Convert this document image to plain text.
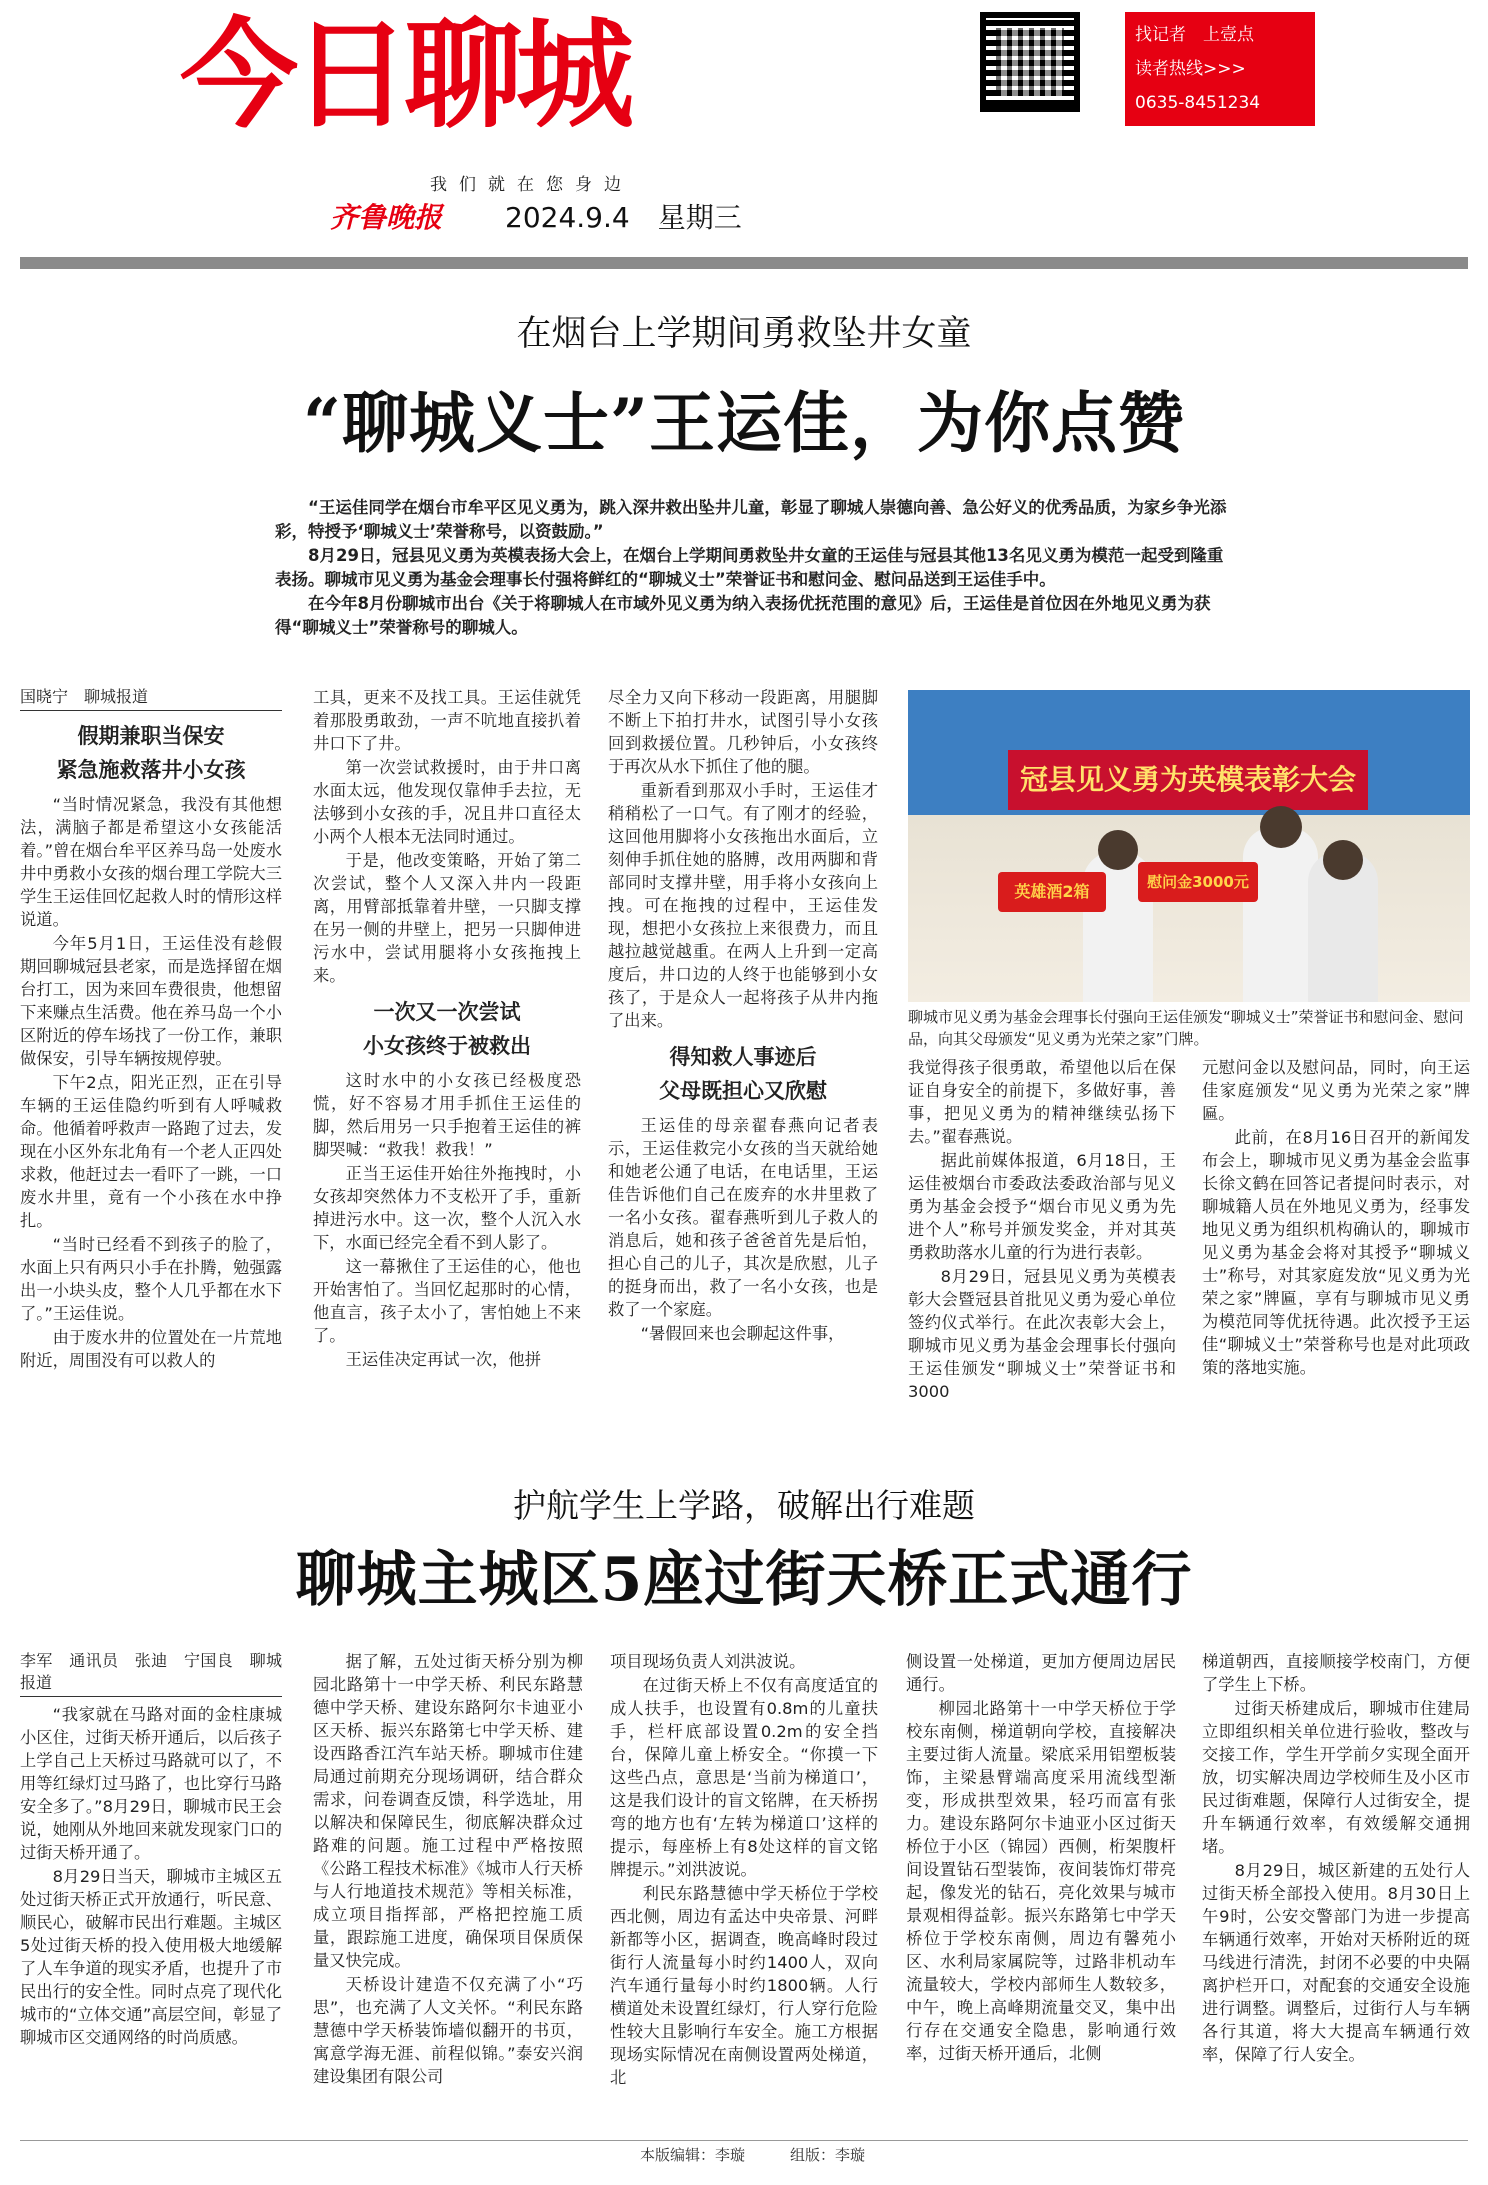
今日聊城	找记者　上壹点
读者热线>>>
0635-8451234
我们就在您身边
齐鲁晚报 2024.9.4　星期三
在烟台上学期间勇救坠井女童
“聊城义士”王运佳，为你点赞

“王运佳同学在烟台市牟平区见义勇为，跳入深井救出坠井儿童，彰显了聊城人崇德向善、急公好义的优秀品质，为家乡争光添彩，特授予‘聊城义士’荣誉称号，以资鼓励。”

8月29日，冠县见义勇为英模表扬大会上，在烟台上学期间勇救坠井女童的王运佳与冠县其他13名见义勇为模范一起受到隆重表扬。聊城市见义勇为基金会理事长付强将鲜红的“聊城义士”荣誉证书和慰问金、慰问品送到王运佳手中。

在今年8月份聊城市出台《关于将聊城人在市域外见义勇为纳入表扬优抚范围的意见》后，王运佳是首位因在外地见义勇为获得“聊城义士”荣誉称号的聊城人。

国晓宁　聊城报道
假期兼职当保安
紧急施救落井小女孩

“当时情况紧急，我没有其他想法，满脑子都是希望这小女孩能活着。”曾在烟台牟平区养马岛一处废水井中勇救小女孩的烟台理工学院大三学生王运佳回忆起救人时的情形这样说道。

今年5月1日，王运佳没有趁假期回聊城冠县老家，而是选择留在烟台打工，因为来回车费很贵，他想留下来赚点生活费。他在养马岛一个小区附近的停车场找了一份工作，兼职做保安，引导车辆按规停驶。

下午2点，阳光正烈，正在引导车辆的王运佳隐约听到有人呼喊救命。他循着呼救声一路跑了过去，发现在小区外东北角有一个老人正四处求救，他赶过去一看吓了一跳，一口废水井里，竟有一个小孩在水中挣扎。

“当时已经看不到孩子的脸了，水面上只有两只小手在扑腾，勉强露出一小块头皮，整个人几乎都在水下了。”王运佳说。

由于废水井的位置处在一片荒地附近，周围没有可以救人的

工具，更来不及找工具。王运佳就凭着那股勇敢劲，一声不吭地直接扒着井口下了井。

第一次尝试救援时，由于井口离水面太远，他发现仅靠伸手去拉，无法够到小女孩的手，况且井口直径太小两个人根本无法同时通过。

于是，他改变策略，开始了第二次尝试，整个人又深入井内一段距离，用臂部抵靠着井壁，一只脚支撑在另一侧的井壁上，把另一只脚伸进污水中，尝试用腿将小女孩拖拽上来。

一次又一次尝试
小女孩终于被救出

这时水中的小女孩已经极度恐慌，好不容易才用手抓住王运佳的脚，然后用另一只手抱着王运佳的裤脚哭喊：“救我！救我！”

正当王运佳开始往外拖拽时，小女孩却突然体力不支松开了手，重新掉进污水中。这一次，整个人沉入水下，水面已经完全看不到人影了。

这一幕揪住了王运佳的心，他也开始害怕了。当回忆起那时的心情，他直言，孩子太小了，害怕她上不来了。

王运佳决定再试一次，他拼

尽全力又向下移动一段距离，用腿脚不断上下拍打井水，试图引导小女孩回到救援位置。几秒钟后，小女孩终于再次从水下抓住了他的腿。

重新看到那双小手时，王运佳才稍稍松了一口气。有了刚才的经验，这回他用脚将小女孩拖出水面后，立刻伸手抓住她的胳膊，改用两脚和背部同时支撑井壁，用手将小女孩向上拽。可在拖拽的过程中，王运佳发现，想把小女孩拉上来很费力，而且越拉越觉越重。在两人上升到一定高度后，井口边的人终于也能够到小女孩了，于是众人一起将孩子从井内拖了出来。

得知救人事迹后
父母既担心又欣慰

王运佳的母亲翟春燕向记者表示，王运佳救完小女孩的当天就给她和她老公通了电话，在电话里，王运佳告诉他们自己在废弃的水井里救了一名小女孩。翟春燕听到儿子救人的消息后，她和孩子爸爸首先是后怕，担心自己的儿子，其次是欣慰，儿子的挺身而出，救了一名小女孩，也是救了一个家庭。

“暑假回来也会聊起这件事，

冠县见义勇为英模表彰大会
英雄酒2箱	慰问金3000元
聊城市见义勇为基金会理事长付强向王运佳颁发“聊城义士”荣誉证书和慰问金、慰问品，向其父母颁发“见义勇为光荣之家”门牌。

我觉得孩子很勇敢，希望他以后在保证自身安全的前提下，多做好事，善事，把见义勇为的精神继续弘扬下去。”翟春燕说。

据此前媒体报道，6月18日，王运佳被烟台市委政法委政治部与见义勇为基金会授予“烟台市见义勇为先进个人”称号并颁发奖金，并对其英勇救助落水儿童的行为进行表彰。

8月29日，冠县见义勇为英模表彰大会暨冠县首批见义勇为爱心单位签约仪式举行。在此次表彰大会上，聊城市见义勇为基金会理事长付强向王运佳颁发“聊城义士”荣誉证书和3000

元慰问金以及慰问品，同时，向王运佳家庭颁发“见义勇为光荣之家”牌匾。

此前，在8月16日召开的新闻发布会上，聊城市见义勇为基金会监事长徐文鹤在回答记者提问时表示，对聊城籍人员在外地见义勇为，经事发地见义勇为组织机构确认的，聊城市见义勇为基金会将对其授予“聊城义士”称号，对其家庭发放“见义勇为光荣之家”牌匾，享有与聊城市见义勇为模范同等优抚待遇。此次授予王运佳“聊城义士”荣誉称号也是对此项政策的落地实施。

护航学生上学路，破解出行难题
聊城主城区5座过街天桥正式通行
李军　通讯员　张迪　宁国良　聊城报道

“我家就在马路对面的金柱康城小区住，过街天桥开通后，以后孩子上学自己上天桥过马路就可以了，不用等红绿灯过马路了，也比穿行马路安全多了。”8月29日，聊城市民王会说，她刚从外地回来就发现家门口的过街天桥开通了。

8月29日当天，聊城市主城区五处过街天桥正式开放通行，听民意、顺民心，破解市民出行难题。主城区5处过街天桥的投入使用极大地缓解了人车争道的现实矛盾，也提升了市民出行的安全性。同时点亮了现代化城市的“立体交通”高层空间，彰显了聊城市区交通网络的时尚质感。

据了解，五处过街天桥分别为柳园北路第十一中学天桥、利民东路慧德中学天桥、建设东路阿尔卡迪亚小区天桥、振兴东路第七中学天桥、建设西路香江汽车站天桥。聊城市住建局通过前期充分现场调研，结合群众需求，问卷调查反馈，科学选址，用以解决和保障民生，彻底解决群众过路难的问题。施工过程中严格按照《公路工程技术标准》《城市人行天桥与人行地道技术规范》等相关标准，成立项目指挥部，严格把控施工质量，跟踪施工进度，确保项目保质保量又快完成。

天桥设计建造不仅充满了小“巧思”，也充满了人文关怀。“利民东路慧德中学天桥装饰墙似翻开的书页，寓意学海无涯、前程似锦。”泰安兴润建设集团有限公司

项目现场负责人刘洪波说。

在过街天桥上不仅有高度适宜的成人扶手，也设置有0.8m的儿童扶手，栏杆底部设置0.2m的安全挡台，保障儿童上桥安全。“你摸一下这些凸点，意思是‘当前为梯道口’，这是我们设计的盲文铭牌，在天桥拐弯的地方也有‘左转为梯道口’这样的提示，每座桥上有8处这样的盲文铭牌提示。”刘洪波说。

利民东路慧德中学天桥位于学校西北侧，周边有孟达中央帝景、河畔新都等小区，据调查，晚高峰时段过街行人流量每小时约1400人，双向汽车通行量每小时约1800辆。人行横道处未设置红绿灯，行人穿行危险性较大且影响行车安全。施工方根据现场实际情况在南侧设置两处梯道，北

侧设置一处梯道，更加方便周边居民通行。

柳园北路第十一中学天桥位于学校东南侧，梯道朝向学校，直接解决主要过街人流量。梁底采用铝塑板装饰，主梁悬臂端高度采用流线型渐变，形成拱型效果，轻巧而富有张力。建设东路阿尔卡迪亚小区过街天桥位于小区（锦园）西侧，桁架腹杆间设置钻石型装饰，夜间装饰灯带亮起，像发光的钻石，亮化效果与城市景观相得益彰。振兴东路第七中学天桥位于学校东南侧，周边有馨苑小区、水利局家属院等，过路非机动车流量较大，学校内部师生人数较多，中午，晚上高峰期流量交叉，集中出行存在交通安全隐患，影响通行效率，过街天桥开通后，北侧

梯道朝西，直接顺接学校南门，方便了学生上下桥。

过街天桥建成后，聊城市住建局立即组织相关单位进行验收，整改与交接工作，学生开学前夕实现全面开放，切实解决周边学校师生及小区市民过街难题，保障行人过街安全，提升车辆通行效率，有效缓解交通拥堵。

8月29日，城区新建的五处行人过街天桥全部投入使用。8月30日上午9时，公安交警部门为进一步提高车辆通行效率，开始对天桥附近的斑马线进行清洗，封闭不必要的中央隔离护栏开口，对配套的交通安全设施进行调整。调整后，过街行人与车辆各行其道，将大大提高车辆通行效率，保障了行人安全。

本版编辑：李璇	组版：李璇
